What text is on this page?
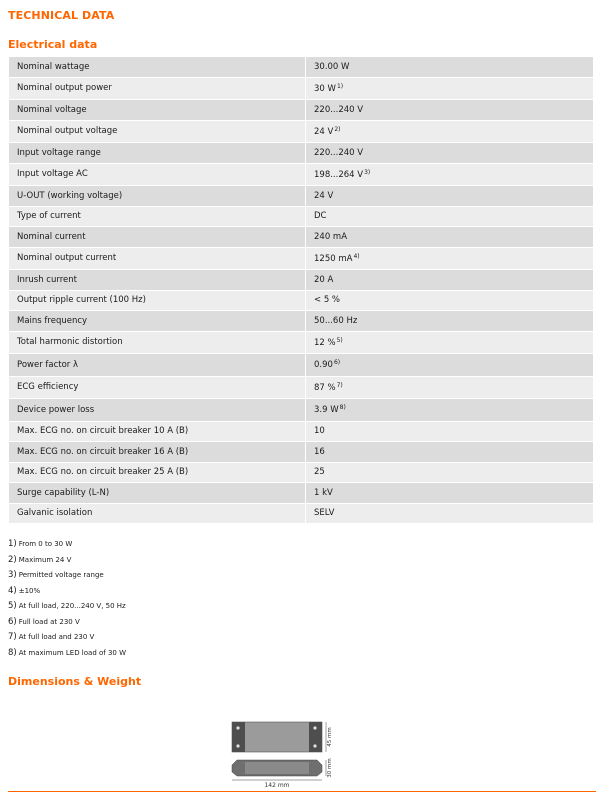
TECHNICAL DATA
Electrical data
Nominal wattage	30.00 W
Nominal output power	30 $W^{1)}$
Nominal voltage	220...240 V
Nominal output voltage	24 $V^{2)}$
Input voltage range	220...240 V
Input voltage AC	198...264 $V^{3)}$
U-OUT (working voltage)	24 V
Type of current	DC
Nominal current	240 mA
Nominal output current	1250 $mA^{4)}$
Inrush current	20 A
Output ripple current (100 Hz)	< 5 %
Mains frequency	50...60 Hz
Total harmonic distortion	12 %$^{5)}$
Power factor λ	0.90$^{6)}$
ECG efficiency	87 %$^{7)}$
Device power loss	3.9 $W^{8)}$
Max. ECG no. on circuit breaker 10 A (B)	10
Max. ECG no. on circuit breaker 16 A (B)	16
Max. ECG no. on circuit breaker 25 A (B)	25
Surge capability (L-N)	1 kV
Galvanic isolation	SELV
1) From 0 to 30 W
2) Maximum 24 V
3) Permitted voltage range
4) ±10%
5) At full load, 220...240 V, 50 Hz
6) Full load at 230 V
7) At full load and 230 V
8) At maximum LED load of 30 W
Dimensions & Weight
45 mm
30 mm
142 mm
